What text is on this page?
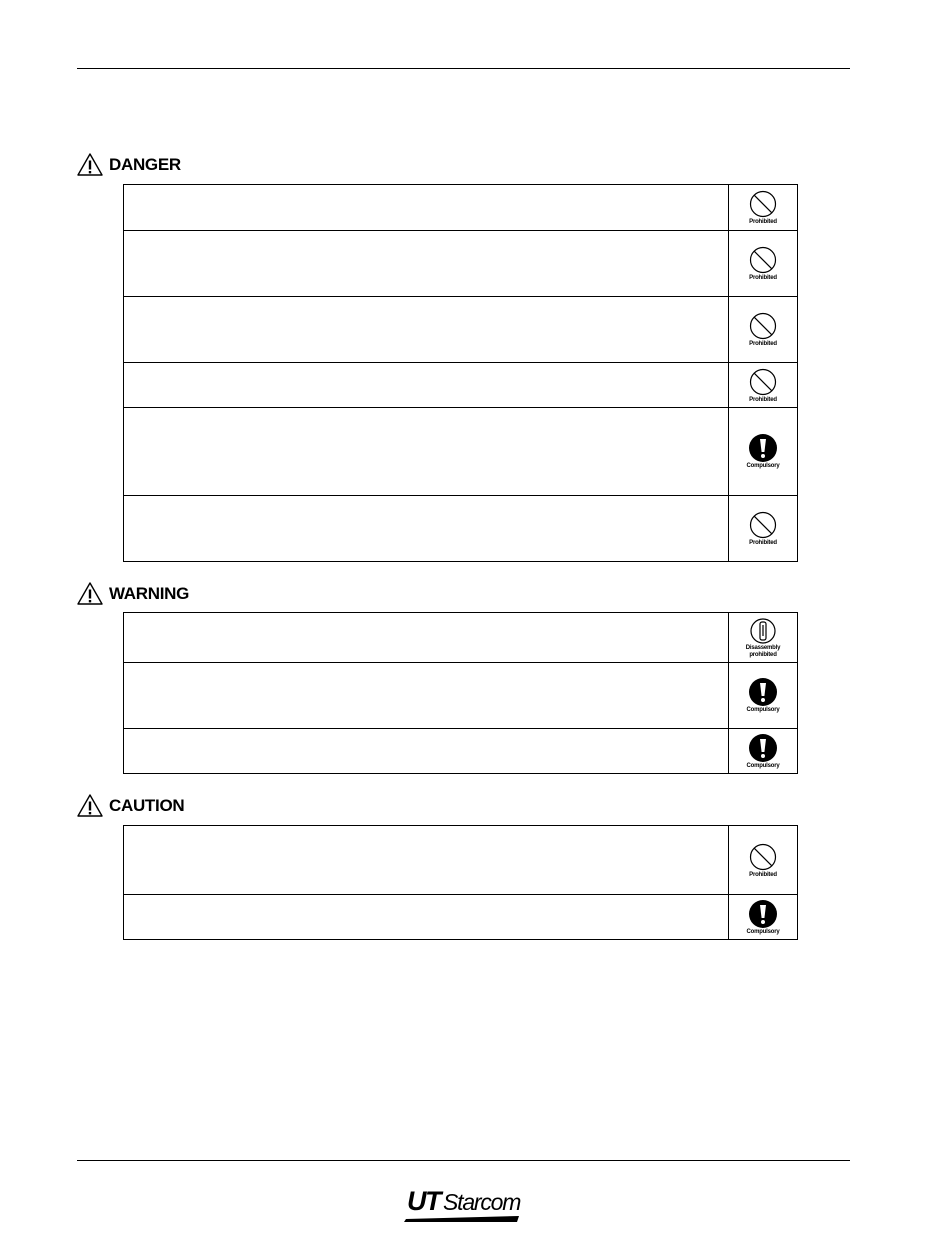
DANGER
Prohibited
Prohibited
Prohibited
Prohibited
Compulsory
Prohibited
WARNING
Disassembly
prohibited
Compulsory
Compulsory
CAUTION
Prohibited
Compulsory
UT Starcom
